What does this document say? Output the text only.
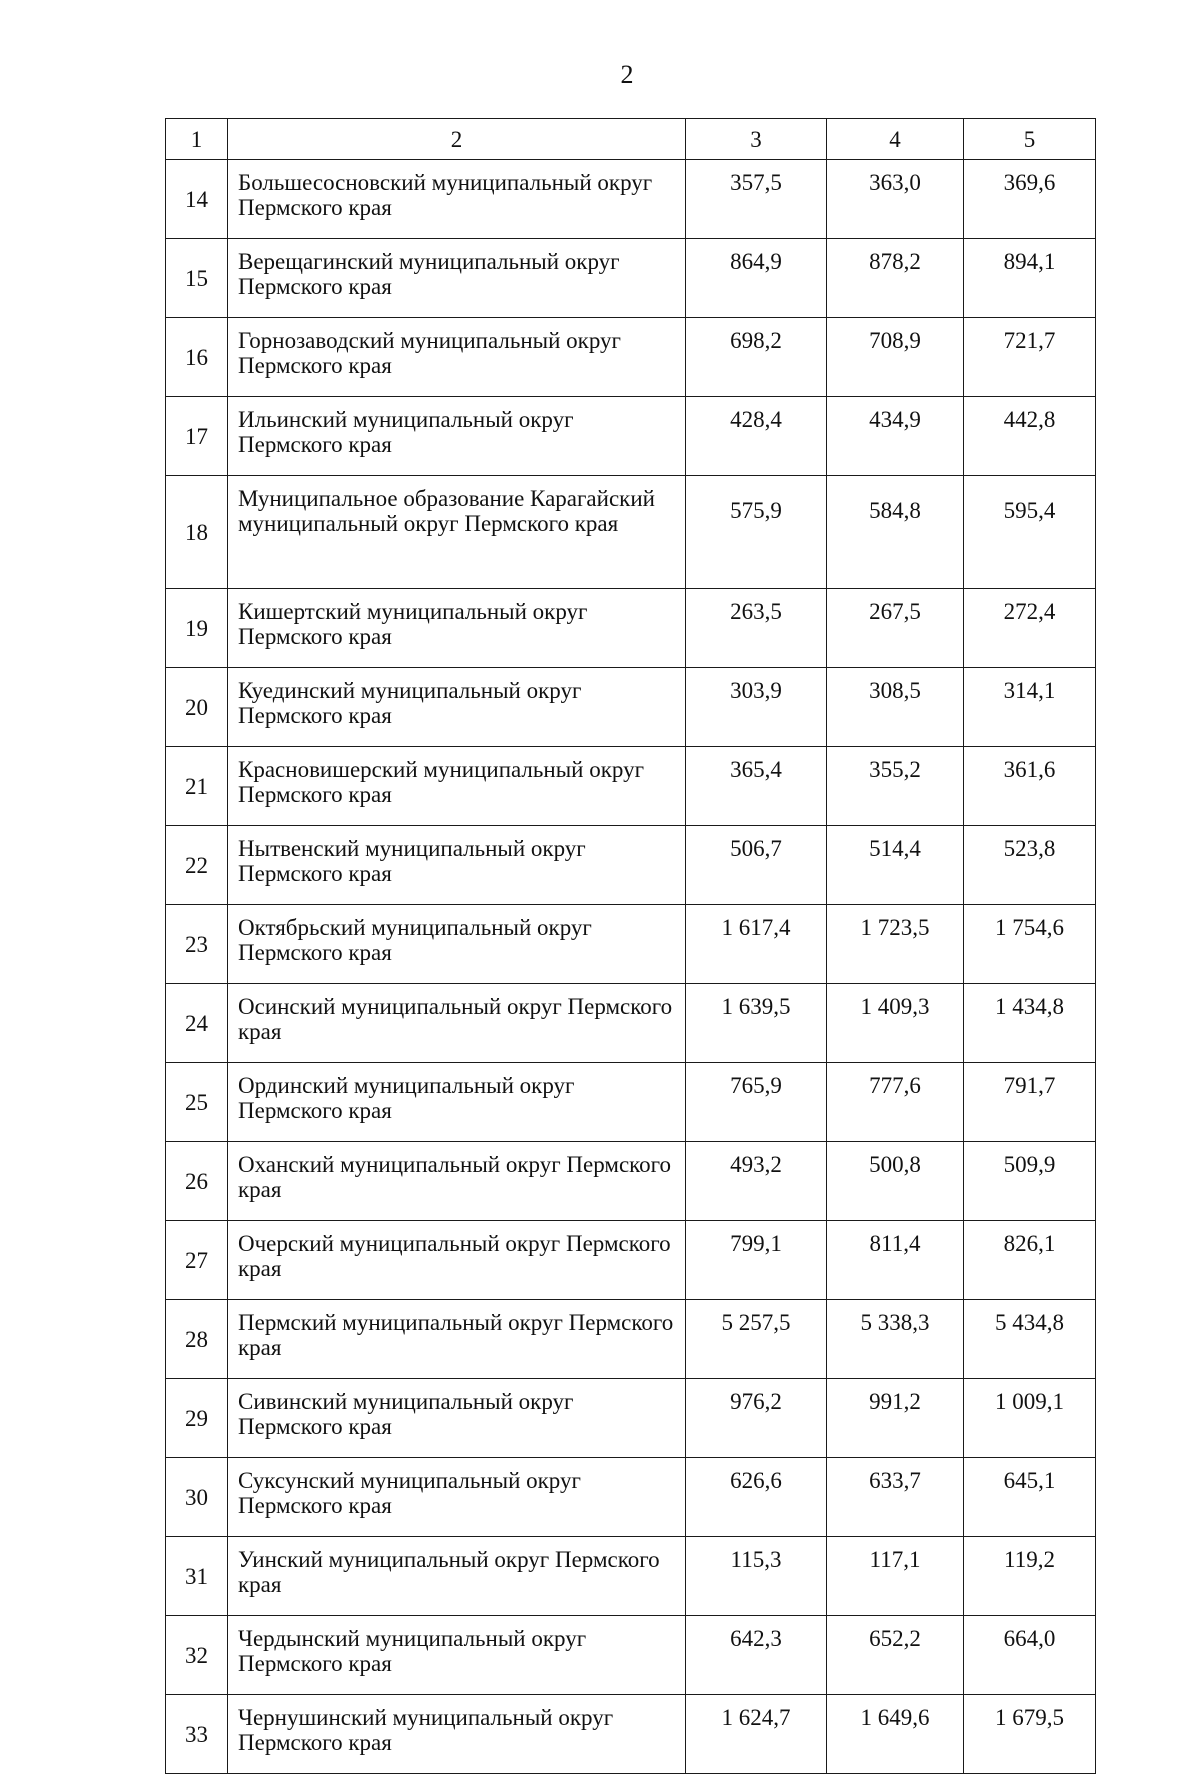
2
1	2	3	4	5
14	Большесосновский муниципальный округ Пермского края	357,5	363,0	369,6
15	Верещагинский муниципальный округ Пермского края	864,9	878,2	894,1
16	Горнозаводский муниципальный округ Пермского края	698,2	708,9	721,7
17	Ильинский муниципальный округ Пермского края	428,4	434,9	442,8
18	Муниципальное образование Карагайский муниципальный округ Пермского края	575,9	584,8	595,4
19	Кишертский муниципальный округ Пермского края	263,5	267,5	272,4
20	Куединский муниципальный округ Пермского края	303,9	308,5	314,1
21	Красновишерский муниципальный округ Пермского края	365,4	355,2	361,6
22	Нытвенский муниципальный округ Пермского края	506,7	514,4	523,8
23	Октябрьский муниципальный округ Пермского края	1 617,4	1 723,5	1 754,6
24	Осинский муниципальный округ Пермского края	1 639,5	1 409,3	1 434,8
25	Ординский муниципальный округ Пермского края	765,9	777,6	791,7
26	Оханский муниципальный округ Пермского края	493,2	500,8	509,9
27	Очерский муниципальный округ Пермского края	799,1	811,4	826,1
28	Пермский муниципальный округ Пермского края	5 257,5	5 338,3	5 434,8
29	Сивинский муниципальный округ Пермского края	976,2	991,2	1 009,1
30	Суксунский муниципальный округ Пермского края	626,6	633,7	645,1
31	Уинский муниципальный округ Пермского края	115,3	117,1	119,2
32	Чердынский муниципальный округ Пермского края	642,3	652,2	664,0
33	Чернушинский муниципальный округ Пермского края	1 624,7	1 649,6	1 679,5
